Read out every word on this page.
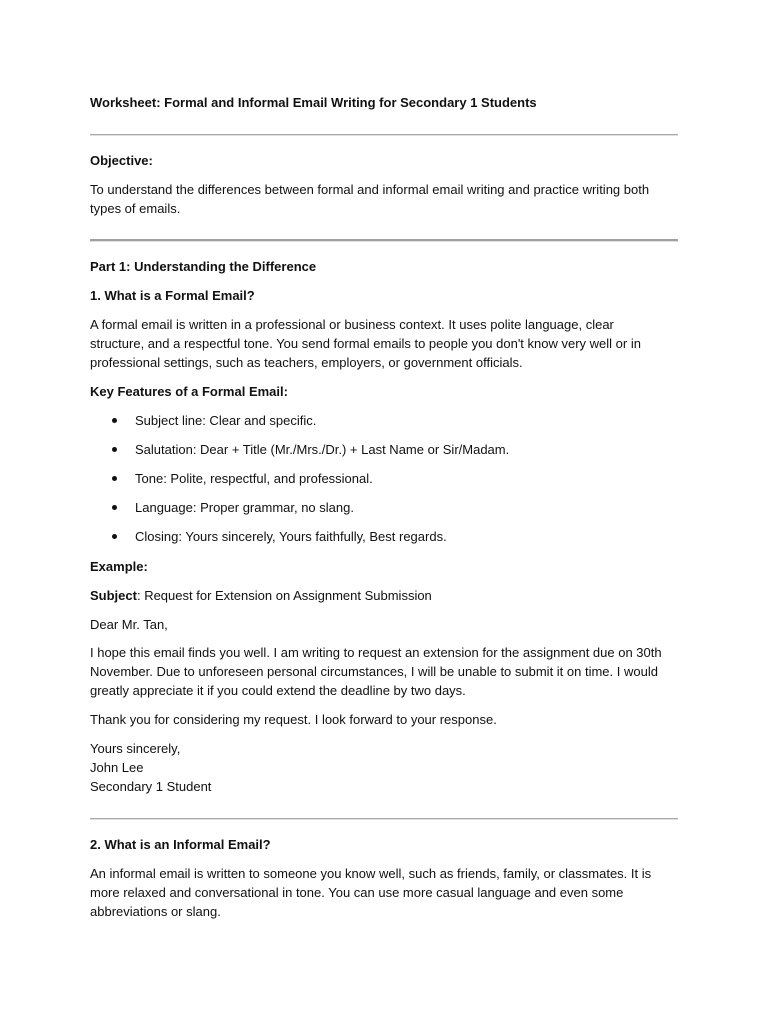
Worksheet: Formal and Informal Email Writing for Secondary 1 Students

Objective:

To understand the differences between formal and informal email writing and practice writing both types of emails.

Part 1: Understanding the Difference

1. What is a Formal Email?

A formal email is written in a professional or business context. It uses polite language, clear structure, and a respectful tone. You send formal emails to people you don't know very well or in professional settings, such as teachers, employers, or government officials.

Key Features of a Formal Email:

Subject line: Clear and specific.
Salutation: Dear + Title (Mr./Mrs./Dr.) + Last Name or Sir/Madam.
Tone: Polite, respectful, and professional.
Language: Proper grammar, no slang.
Closing: Yours sincerely, Yours faithfully, Best regards.

Example:

Subject: Request for Extension on Assignment Submission

Dear Mr. Tan,

I hope this email finds you well. I am writing to request an extension for the assignment due on 30th November. Due to unforeseen personal circumstances, I will be unable to submit it on time. I would greatly appreciate it if you could extend the deadline by two days.

Thank you for considering my request. I look forward to your response.

Yours sincerely,
John Lee
Secondary 1 Student

2. What is an Informal Email?

An informal email is written to someone you know well, such as friends, family, or classmates. It is more relaxed and conversational in tone. You can use more casual language and even some abbreviations or slang.
